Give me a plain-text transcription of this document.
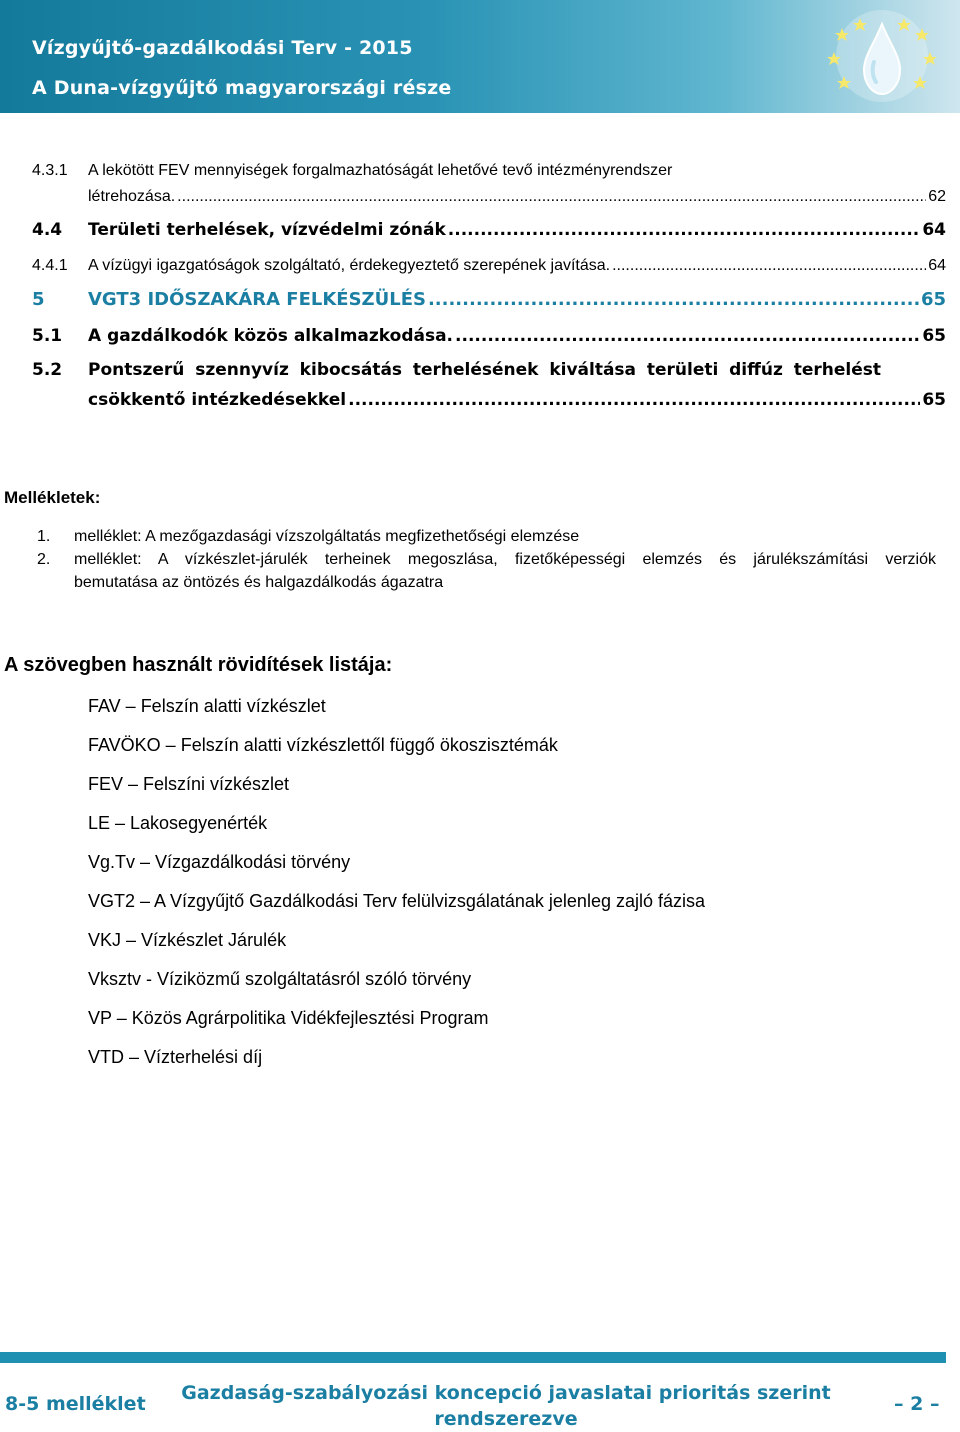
Vízgyűjtő-gazdálkodási Terv - 2015
A Duna-vízgyűjtő magyarországi része
4.3.1	A lekötött FEV mennyiségek forgalmazhatóságát lehetővé tevő intézményrendszer
létrehozása. .....	62
4.4	Területi terhelések, vízvédelmi zónák .....	64
4.4.1	A vízügyi igazgatóságok szolgáltató, érdekegyeztető szerepének javítása. .....	64
5 VGT3 IDŐSZAKÁRA FELKÉSZÜLÉS .....	65
5.1	A gazdálkodók közös alkalmazkodása. .....	65
5.2 Pontszerű szennyvíz kibocsátás terhelésének kiváltása területi diffúz terhelést
csökkentő intézkedésekkel .....	65
Mellékletek:
1. melléklet: A mezőgazdasági vízszolgáltatás megfizethetőségi elemzése
2. melléklet: A vízkészlet-járulék terheinek megoszlása, fizetőképességi elemzés és járulékszámítási verziók
bemutatása az öntözés és halgazdálkodás ágazatra
A szövegben használt rövidítések listája:
FAV – Felszín alatti vízkészlet
FAVÖKO – Felszín alatti vízkészlettől függő ökoszisztémák
FEV – Felszíni vízkészlet
LE – Lakosegyenérték
Vg.Tv – Vízgazdálkodási törvény
VGT2 – A Vízgyűjtő Gazdálkodási Terv felülvizsgálatának jelenleg zajló fázisa
VKJ – Vízkészlet Járulék
Vksztv - Víziközmű szolgáltatásról szóló törvény
VP – Közös Agrárpolitika Vidékfejlesztési Program
VTD – Vízterhelési díj
8-5 melléklet Gazdaság-szabályozási koncepció javaslatai prioritás szerint
rendszerezve
– 2 –
